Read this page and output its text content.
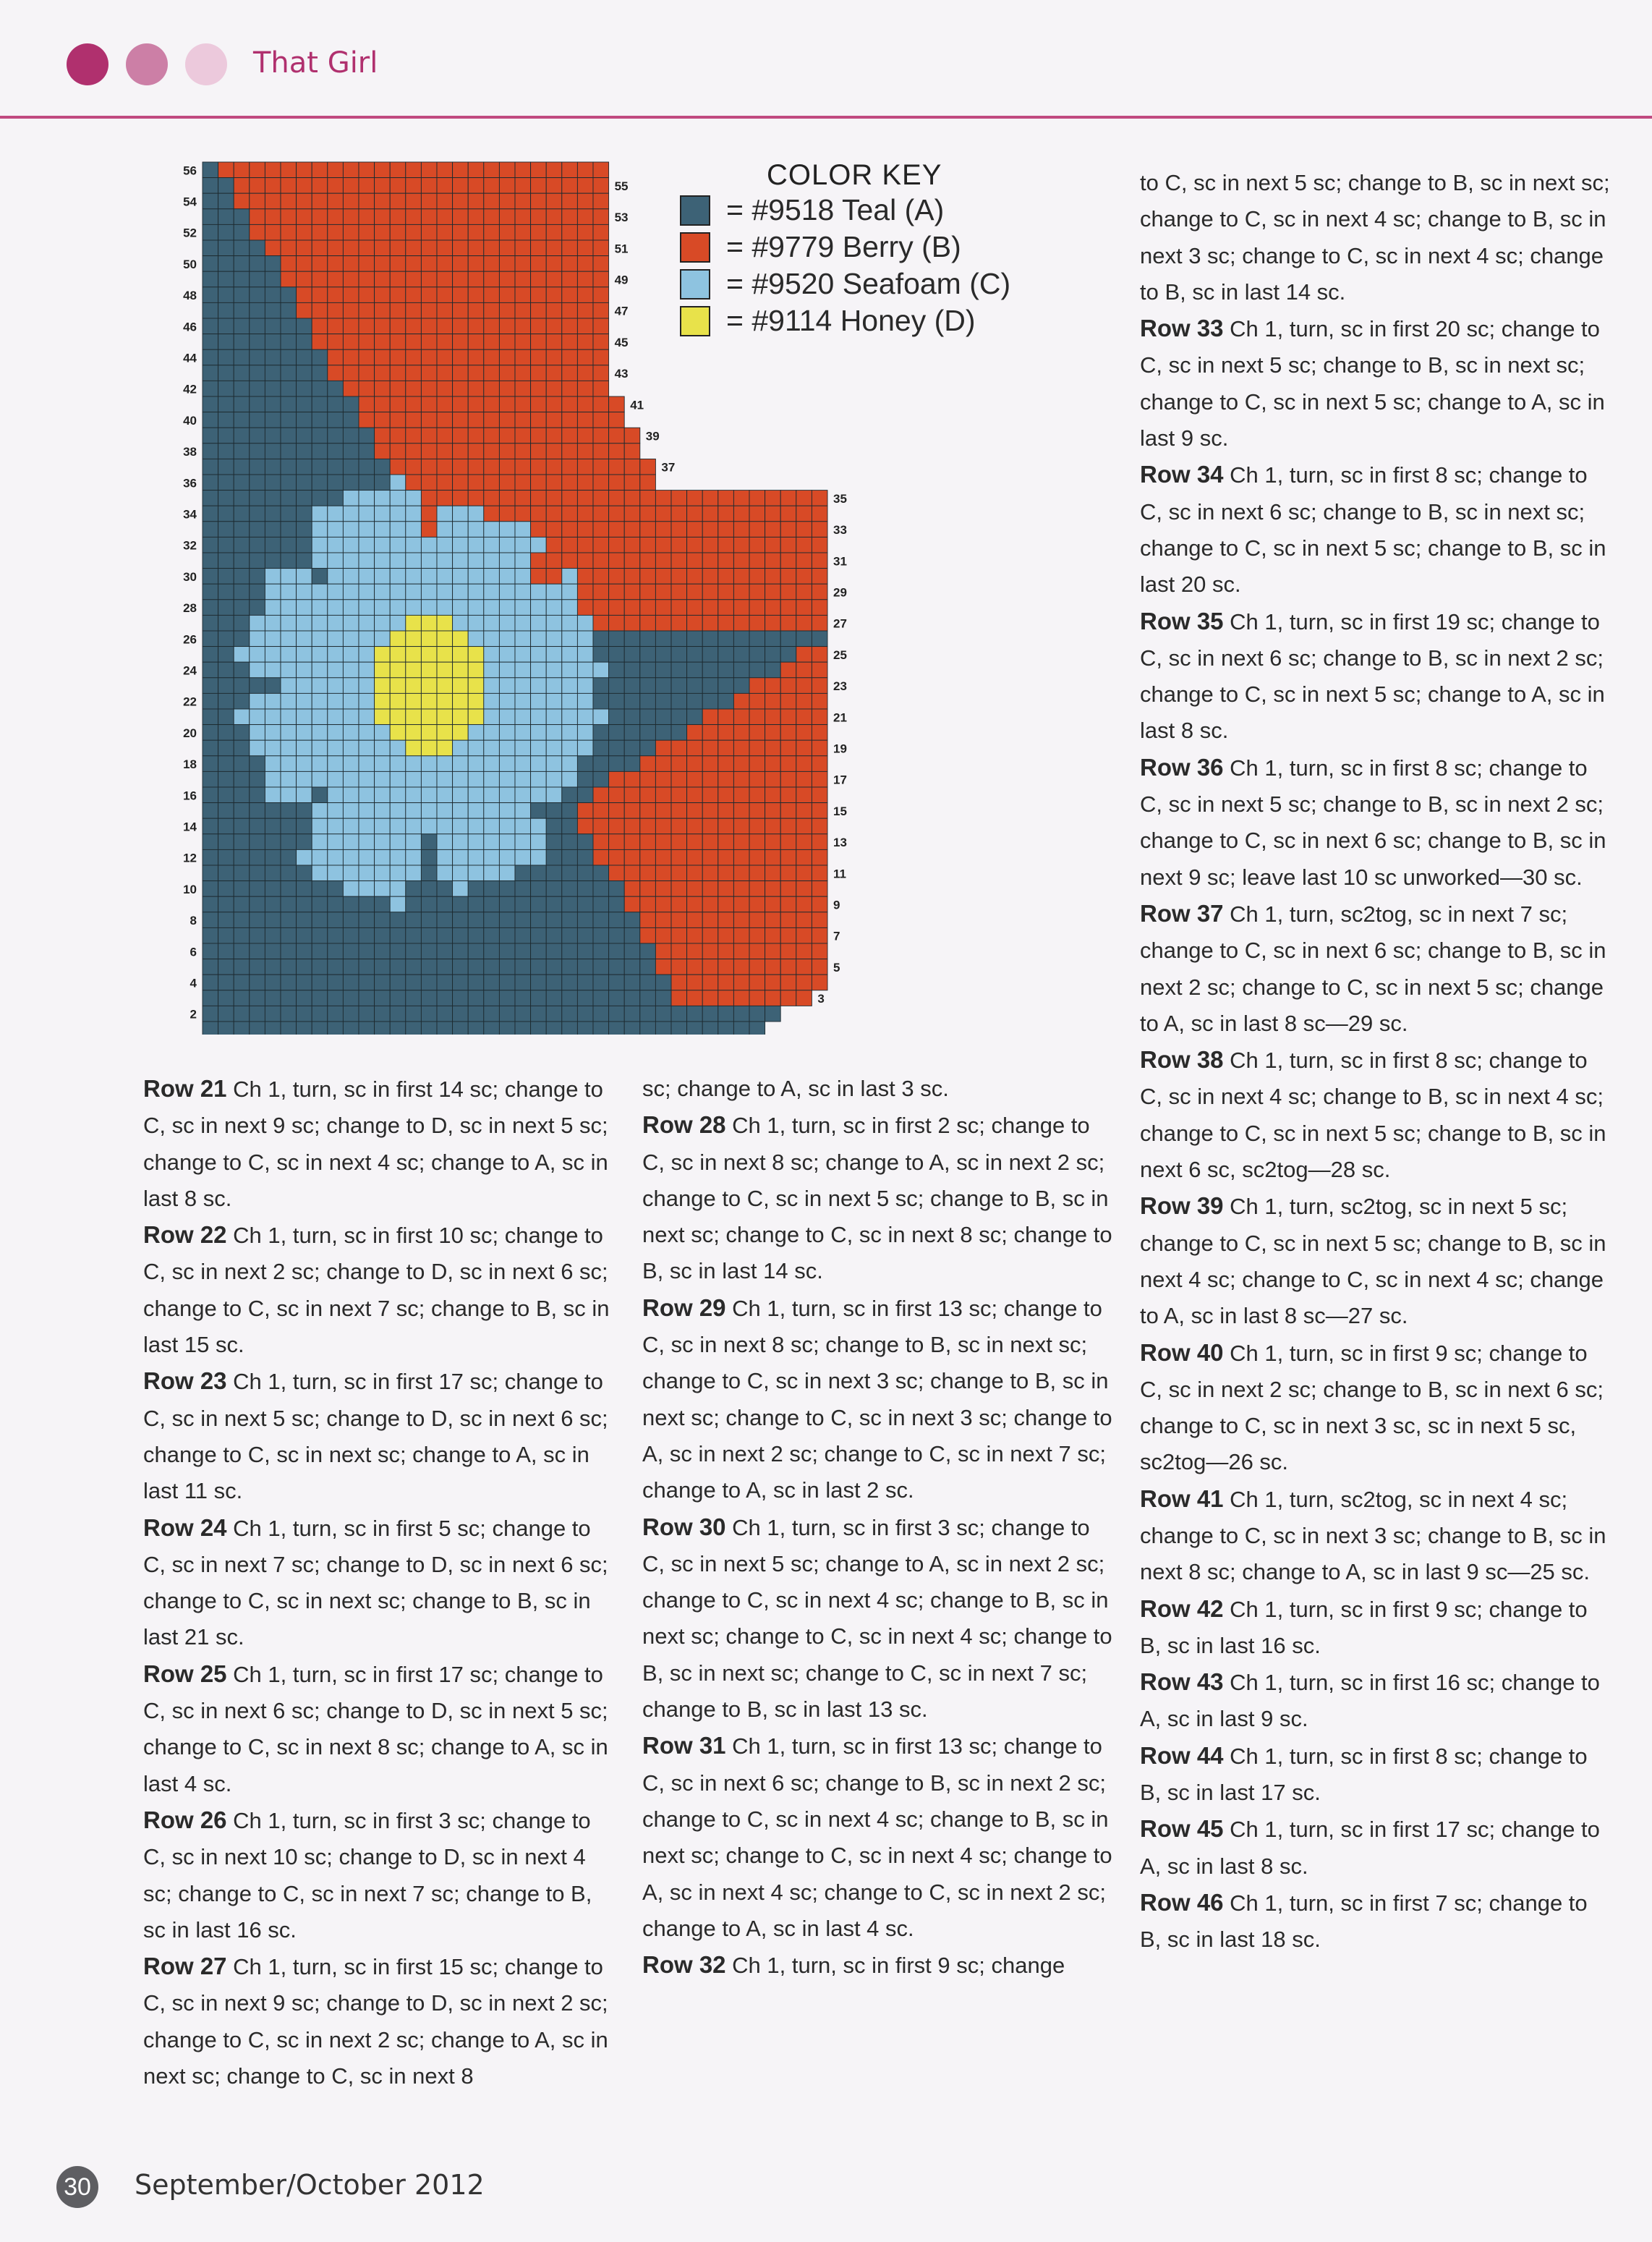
That Girl
56
54
52
50
48
46
44
42
40
38
36
34
32
30
28
26
24
22
20
18
16
14
12
10
8
6
4
2
55
53
51
49
47
45
43
41
39
37
35
33
31
29
27
25
23
21
19
17
15
13
11
9
7
5
3
COLOR KEY
= #9518 Teal (A)
= #9779 Berry (B)
= #9520 Seafoam (C)
= #9114 Honey (D)

Row 21 Ch 1, turn, sc in first 14 sc; change to C, sc in next 9 sc; change to D, sc in next 5 sc; change to C, sc in next 4 sc; change to A, sc in last 8 sc.

Row 22 Ch 1, turn, sc in first 10 sc; change to C, sc in next 2 sc; change to D, sc in next 6 sc; change to C, sc in next 7 sc; change to B, sc in last 15 sc.

Row 23 Ch 1, turn, sc in first 17 sc; change to C, sc in next 5 sc; change to D, sc in next 6 sc; change to C, sc in next sc; change to A, sc in last 11 sc.

Row 24 Ch 1, turn, sc in first 5 sc; change to C, sc in next 7 sc; change to D, sc in next 6 sc; change to C, sc in next sc; change to B, sc in last 21 sc.

Row 25 Ch 1, turn, sc in first 17 sc; change to C, sc in next 6 sc; change to D, sc in next 5 sc; change to C, sc in next 8 sc; change to A, sc in last 4 sc.

Row 26 Ch 1, turn, sc in first 3 sc; change to C, sc in next 10 sc; change to D, sc in next 4 sc; change to C, sc in next 7 sc; change to B, sc in last 16 sc.

Row 27 Ch 1, turn, sc in first 15 sc; change to C, sc in next 9 sc; change to D, sc in next 2 sc; change to C, sc in next 2 sc; change to A, sc in next sc; change to C, sc in next 8

sc; change to A, sc in last 3 sc.

Row 28 Ch 1, turn, sc in first 2 sc; change to C, sc in next 8 sc; change to A, sc in next 2 sc; change to C, sc in next 5 sc; change to B, sc in next sc; change to C, sc in next 8 sc; change to B, sc in last 14 sc.

Row 29 Ch 1, turn, sc in first 13 sc; change to C, sc in next 8 sc; change to B, sc in next sc; change to C, sc in next 3 sc; change to B, sc in next sc; change to C, sc in next 3 sc; change to A, sc in next 2 sc; change to C, sc in next 7 sc; change to A, sc in last 2 sc.

Row 30 Ch 1, turn, sc in first 3 sc; change to C, sc in next 5 sc; change to A, sc in next 2 sc; change to C, sc in next 4 sc; change to B, sc in next sc; change to C, sc in next 4 sc; change to B, sc in next sc; change to C, sc in next 7 sc; change to B, sc in last 13 sc.

Row 31 Ch 1, turn, sc in first 13 sc; change to C, sc in next 6 sc; change to B, sc in next 2 sc; change to C, sc in next 4 sc; change to B, sc in next sc; change to C, sc in next 4 sc; change to A, sc in next 4 sc; change to C, sc in next 2 sc; change to A, sc in last 4 sc.

Row 32 Ch 1, turn, sc in first 9 sc; change

to C, sc in next 5 sc; change to B, sc in next sc; change to C, sc in next 4 sc; change to B, sc in next 3 sc; change to C, sc in next 4 sc; change to B, sc in last 14 sc.

Row 33 Ch 1, turn, sc in first 20 sc; change to C, sc in next 5 sc; change to B, sc in next sc; change to C, sc in next 5 sc; change to A, sc in last 9 sc.

Row 34 Ch 1, turn, sc in first 8 sc; change to C, sc in next 6 sc; change to B, sc in next sc; change to C, sc in next 5 sc; change to B, sc in last 20 sc.

Row 35 Ch 1, turn, sc in first 19 sc; change to C, sc in next 6 sc; change to B, sc in next 2 sc; change to C, sc in next 5 sc; change to A, sc in last 8 sc.

Row 36 Ch 1, turn, sc in first 8 sc; change to C, sc in next 5 sc; change to B, sc in next 2 sc; change to C, sc in next 6 sc; change to B, sc in next 9 sc; leave last 10 sc unworked—30 sc.

Row 37 Ch 1, turn, sc2tog, sc in next 7 sc; change to C, sc in next 6 sc; change to B, sc in next 2 sc; change to C, sc in next 5 sc; change to A, sc in last 8 sc—29 sc.

Row 38 Ch 1, turn, sc in first 8 sc; change to C, sc in next 4 sc; change to B, sc in next 4 sc; change to C, sc in next 5 sc; change to B, sc in next 6 sc, sc2tog—28 sc.

Row 39 Ch 1, turn, sc2tog, sc in next 5 sc; change to C, sc in next 5 sc; change to B, sc in next 4 sc; change to C, sc in next 4 sc; change to A, sc in last 8 sc—27 sc.

Row 40 Ch 1, turn, sc in first 9 sc; change to C, sc in next 2 sc; change to B, sc in next 6 sc; change to C, sc in next 3 sc, sc in next 5 sc, sc2tog—26 sc.

Row 41 Ch 1, turn, sc2tog, sc in next 4 sc; change to C, sc in next 3 sc; change to B, sc in next 8 sc; change to A, sc in last 9 sc—25 sc.

Row 42 Ch 1, turn, sc in first 9 sc; change to B, sc in last 16 sc.

Row 43 Ch 1, turn, sc in first 16 sc; change to A, sc in last 9 sc.

Row 44 Ch 1, turn, sc in first 8 sc; change to B, sc in last 17 sc.

Row 45 Ch 1, turn, sc in first 17 sc; change to A, sc in last 8 sc.

Row 46 Ch 1, turn, sc in first 7 sc; change to B, sc in last 18 sc.

30 September/October 2012
